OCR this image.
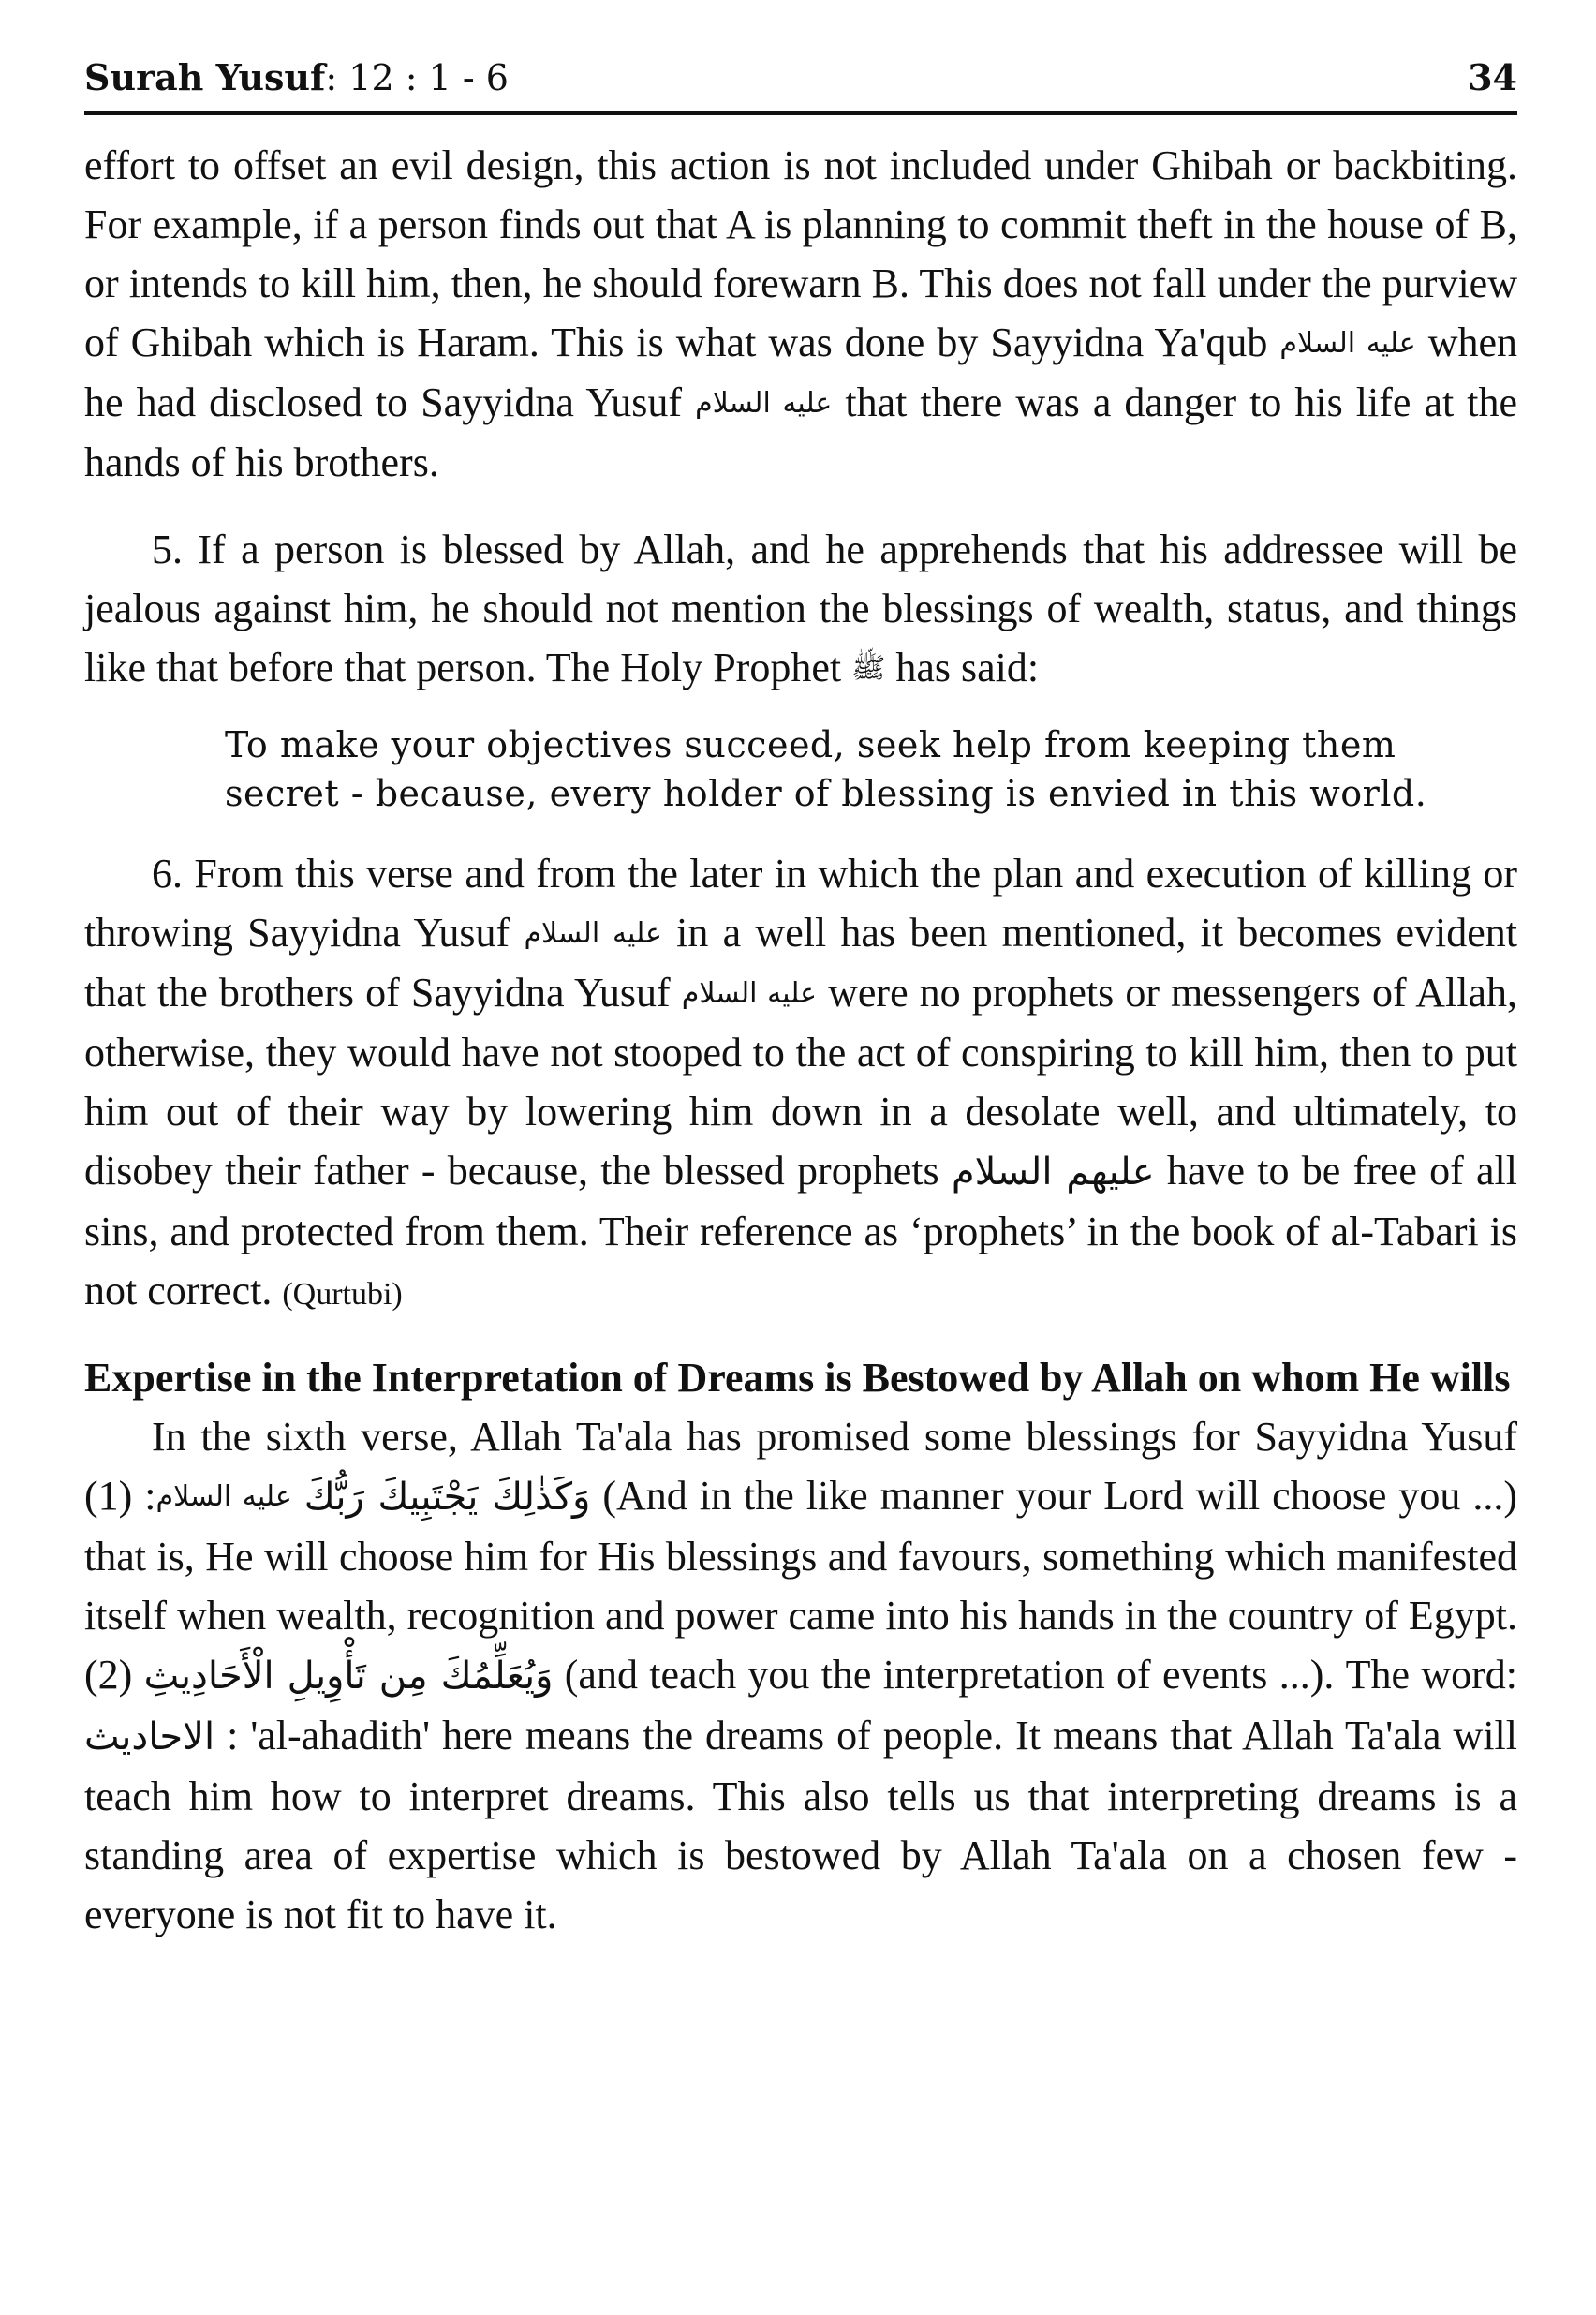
Surah Yusuf: 12 : 1 - 6	34

effort to offset an evil design, this action is not included under Ghibah or backbiting. For example, if a person finds out that A is planning to commit theft in the house of B, or intends to kill him, then, he should forewarn B. This does not fall under the purview of Ghibah which is Haram. This is what was done by Sayyidna Ya'qub عليه السلام when he had disclosed to Sayyidna Yusuf عليه السلام that there was a danger to his life at the hands of his brothers.

5. If a person is blessed by Allah, and he apprehends that his addressee will be jealous against him, he should not mention the blessings of wealth, status, and things like that before that person. The Holy Prophet ﷺ has said:

To make your objectives succeed, seek help from keeping them secret - because, every holder of blessing is envied in this world.

6. From this verse and from the later in which the plan and execution of killing or throwing Sayyidna Yusuf عليه السلام in a well has been mentioned, it becomes evident that the brothers of Sayyidna Yusuf عليه السلام were no prophets or messengers of Allah, otherwise, they would have not stooped to the act of conspiring to kill him, then to put him out of their way by lowering him down in a desolate well, and ultimately, to disobey their father - because, the blessed prophets عليهم السلام have to be free of all sins, and protected from them. Their reference as ‘prophets’ in the book of al-Tabari is not correct. (Qurtubi)

Expertise in the Interpretation of Dreams is Bestowed by Allah on whom He wills

In the sixth verse, Allah Ta'ala has promised some blessings for Sayyidna Yusuf عليه السلام: (1) وَكَذٰلِكَ يَجْتَبِيكَ رَبُّكَ (And in the like manner your Lord will choose you ...) that is, He will choose him for His blessings and favours, something which manifested itself when wealth, recognition and power came into his hands in the country of Egypt. (2) وَيُعَلِّمُكَ مِن تَأْوِيلِ الْأَحَادِيثِ (and teach you the interpretation of events ...). The word: الاحاديث : 'al-ahadith' here means the dreams of people. It means that Allah Ta'ala will teach him how to interpret dreams. This also tells us that interpreting dreams is a standing area of expertise which is bestowed by Allah Ta'ala on a chosen few - everyone is not fit to have it.
